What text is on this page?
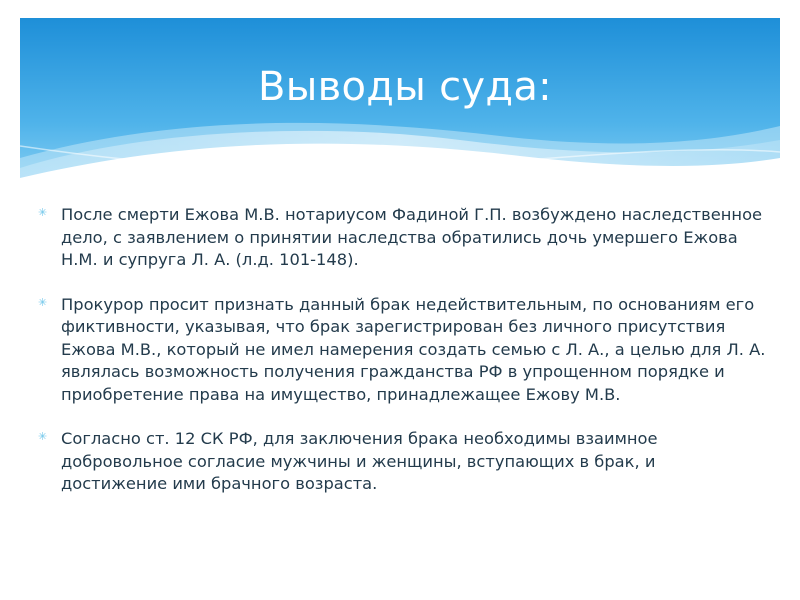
Выводы суда:
✳ После смерти Ежова М.В. нотариусом Фадиной Г.П. возбуждено наследственное дело, с заявлением о принятии наследства обратились дочь умершего Ежова Н.М. и супруга Л. А. (л.д. 101-148).
✳ Прокурор просит признать данный брак недействительным, по основаниям его фиктивности, указывая, что брак зарегистрирован без личного присутствия Ежова М.В., который не имел намерения создать семью с Л. А., а целью для Л. А. являлась возможность получения гражданства РФ в упрощенном порядке и приобретение права на имущество, принадлежащее Ежову М.В.
✳ Согласно ст. 12 СК РФ, для заключения брака необходимы взаимное добровольное согласие мужчины и женщины, вступающих в брак, и достижение ими брачного возраста.
